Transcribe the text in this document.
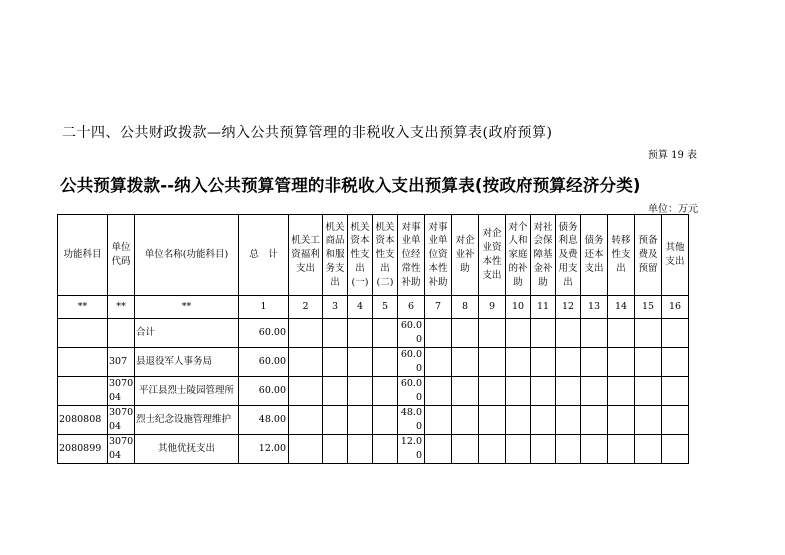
二十四、公共财政拨款—纳入公共预算管理的非税收入支出预算表(政府预算)
预算 19 表
公共预算拨款--纳入公共预算管理的非税收入支出预算表(按政府预算经济分类)
单位：万元
功能科目	单位代码	单位名称(功能科目)	总　计	机关工资福利支出	机关商品和服务支出	机关资本性支出(一)	机关资本性支出(二)	对事业单位经常性补助	对事业单位资本性补助	对企业补助	对企业资本性支出	对个人和家庭的补助	对社会保障基金补助	债务利息及费用支出	债务还本支出	转移性支出	预备费及预留	其他支出
**	**	**	1	2	3	4	5	6	7	8	9	10	11	12	13	14	15	16
		合计	60.00					60.00										
	307	县退役军人事务局	60.00					60.00										
	307004	平江县烈士陵园管理所	60.00					60.00										
2080808	307004	烈士纪念设施管理维护	48.00					48.00										
2080899	307004	其他优抚支出	12.00					12.00										
